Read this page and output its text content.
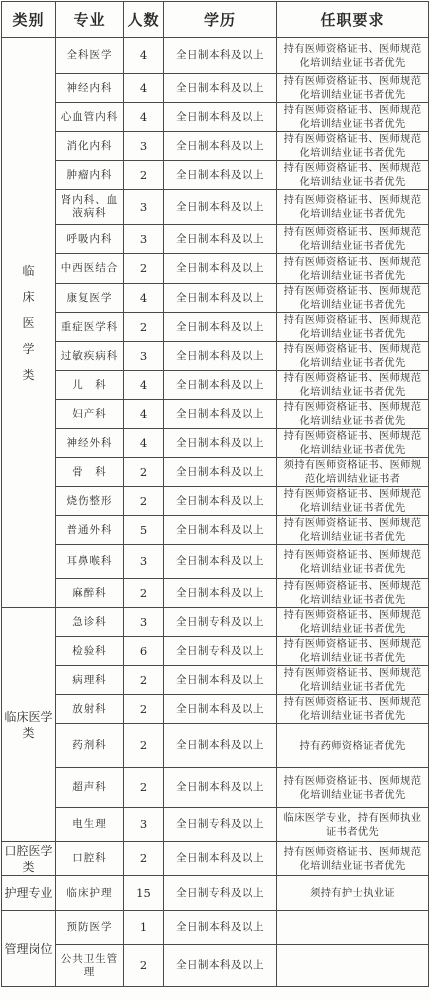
类别	专业	人数	学历	任职要求
临床医学类	全科医学	4	全日制本科及以上	持有医师资格证书、医师规范化培训结业证书者优先
	神经内科	4	全日制本科及以上	持有医师资格证书、医师规范化培训结业证书者优先
	心血管内科	4	全日制本科及以上	持有医师资格证书、医师规范化培训结业证书者优先
	消化内科	3	全日制本科及以上	持有医师资格证书、医师规范化培训结业证书者优先
	肿瘤内科	2	全日制本科及以上	持有医师资格证书、医师规范化培训结业证书者优先
	肾内科、血液病科	3	全日制本科及以上	持有医师资格证书、医师规范化培训结业证书者优先
	呼吸内科	3	全日制本科及以上	持有医师资格证书、医师规范化培训结业证书者优先
	中西医结合	2	全日制本科及以上	持有医师资格证书、医师规范化培训结业证书者优先
	康复医学	4	全日制本科及以上	持有医师资格证书、医师规范化培训结业证书者优先
	重症医学科	2	全日制本科及以上	持有医师资格证书、医师规范化培训结业证书者优先
	过敏疾病科	3	全日制本科及以上	持有医师资格证书、医师规范化培训结业证书者优先
	儿　科	4	全日制本科及以上	持有医师资格证书、医师规范化培训结业证书者优先
	妇产科	4	全日制本科及以上	持有医师资格证书、医师规范化培训结业证书者优先
	神经外科	4	全日制本科及以上	持有医师资格证书、医师规范化培训结业证书者优先
	骨　科	2	全日制本科及以上	须持有医师资格证书、医师规范化培训结业证书者
	烧伤整形	2	全日制本科及以上	持有医师资格证书、医师规范化培训结业证书者优先
	普通外科	5	全日制本科及以上	持有医师资格证书、医师规范化培训结业证书者优先
	耳鼻喉科	3	全日制本科及以上	持有医师资格证书、医师规范化培训结业证书者优先
	麻醉科	2	全日制本科及以上	持有医师资格证书、医师规范化培训结业证书者优先
临床医学类	急诊科	3	全日制专科及以上	持有医师资格证书、医师规范化培训结业证书者优先
	检验科	6	全日制专科及以上	持有医师资格证书、医师规范化培训结业证书者优先
	病理科	2	全日制本科及以上	持有医师资格证书、医师规范化培训结业证书者优先
	放射科	2	全日制本科及以上	持有医师资格证书、医师规范化培训结业证书者优先
	药剂科	2	全日制本科及以上	持有药师资格证者优先
	超声科	2	全日制本科及以上	持有医师资格证书、医师规范化培训结业证书者优先
	电生理	3	全日制专科及以上	临床医学专业，持有医师执业证书者优先
口腔医学类	口腔科	2	全日制本科及以上	持有医师资格证书、医师规范化培训结业证书者优先
护理专业	临床护理	15	全日制专科及以上	须持有护士执业证
管理岗位	预防医学	1	全日制本科及以上	
	公共卫生管理	2	全日制本科及以上	
